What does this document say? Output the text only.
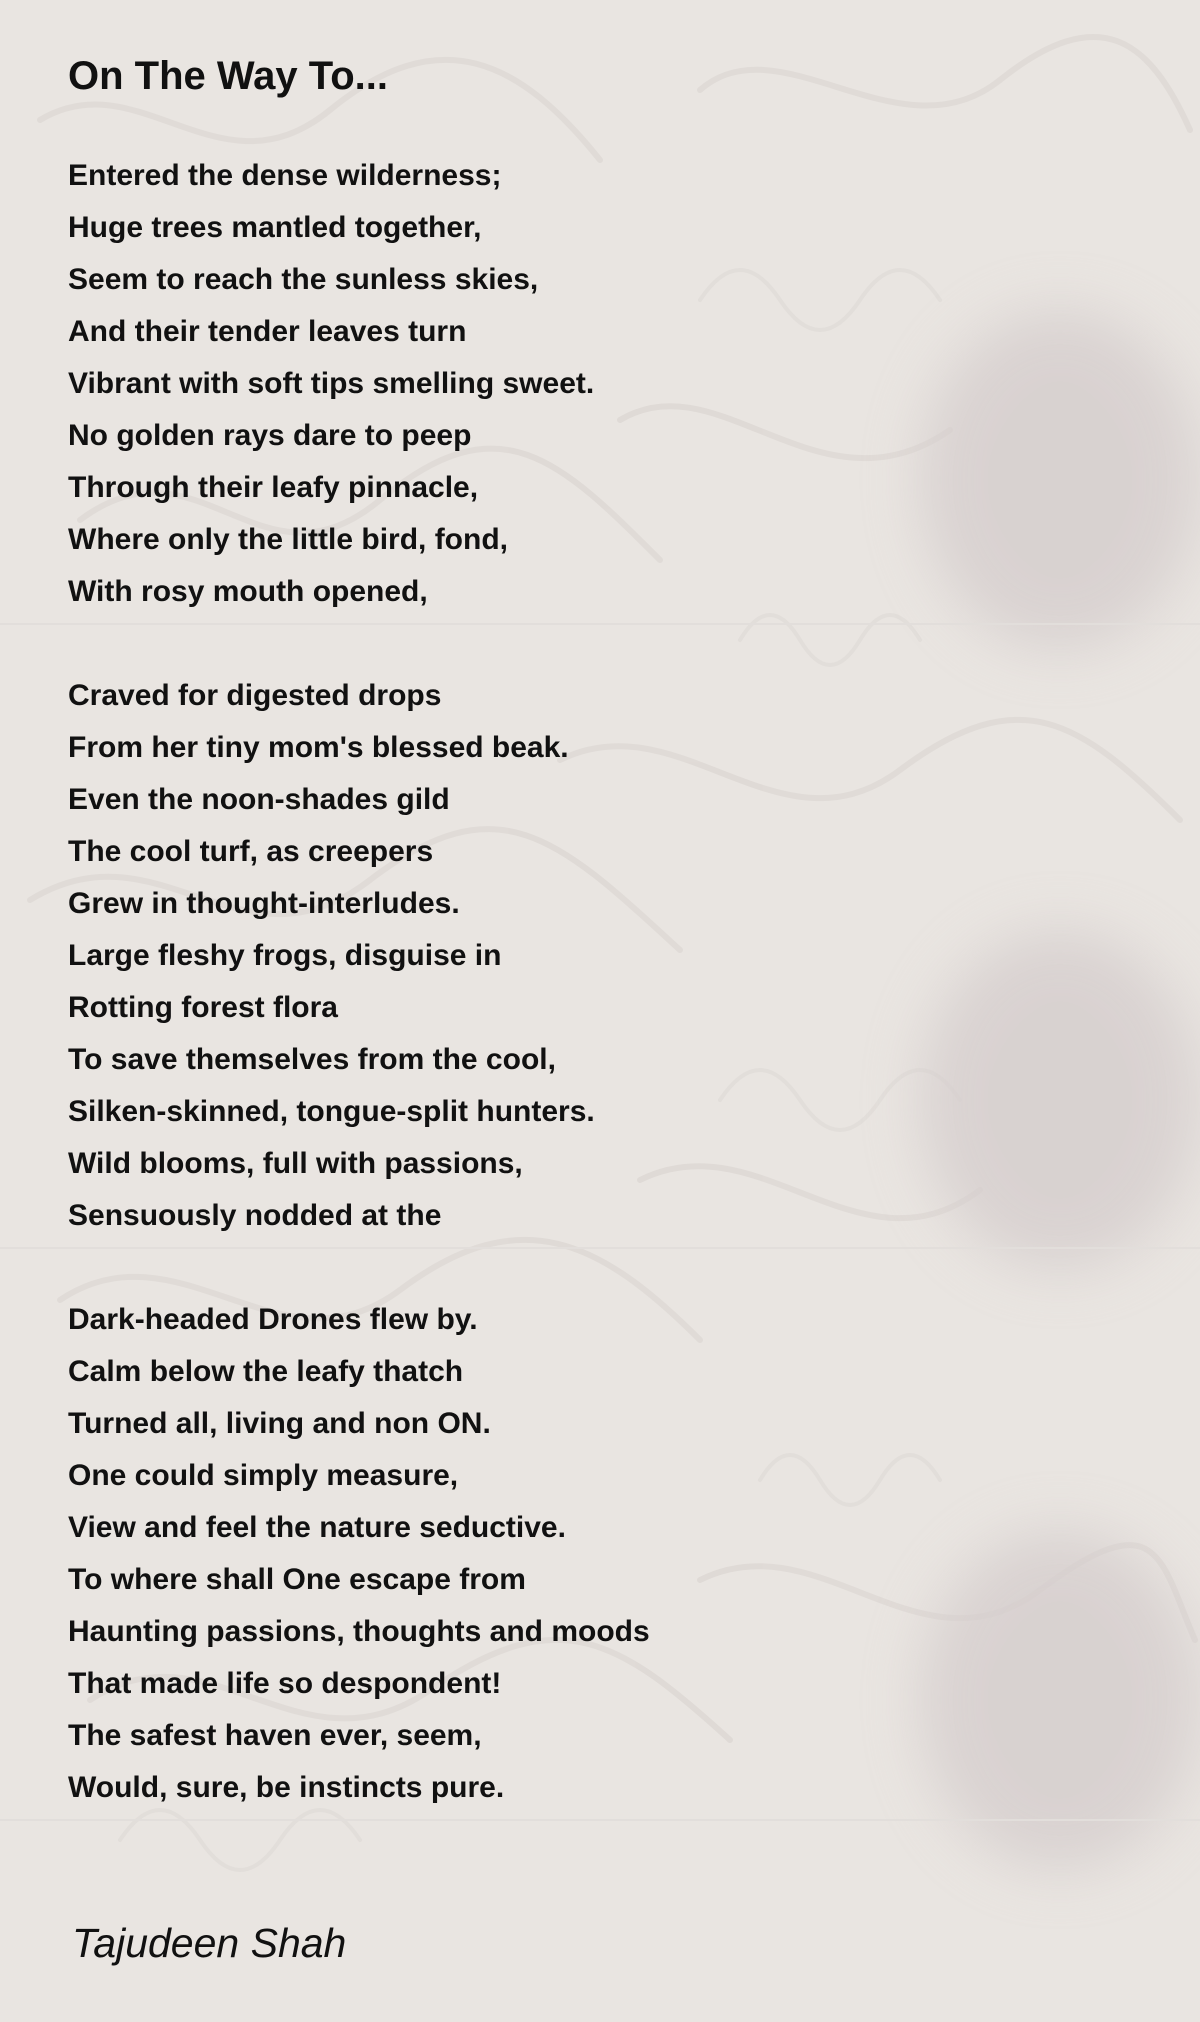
On The Way To...
Entered the dense wilderness;
Huge trees mantled together,
Seem to reach the sunless skies,
And their tender leaves turn
Vibrant with soft tips smelling sweet.
No golden rays dare to peep
Through their leafy pinnacle,
Where only the little bird, fond,
With rosy mouth opened,
Craved for digested drops
From her tiny mom's blessed beak.
Even the noon-shades gild
The cool turf, as creepers
Grew in thought-interludes.
Large fleshy frogs, disguise in
Rotting forest flora
To save themselves from the cool,
Silken-skinned, tongue-split hunters.
Wild blooms, full with passions,
Sensuously nodded at the
Dark-headed Drones flew by.
Calm below the leafy thatch
Turned all, living and non ON.
One could simply measure,
View and feel the nature seductive.
To where shall One escape from
Haunting passions, thoughts and moods
That made life so despondent!
The safest haven ever, seem,
Would, sure, be instincts pure.
Tajudeen Shah
